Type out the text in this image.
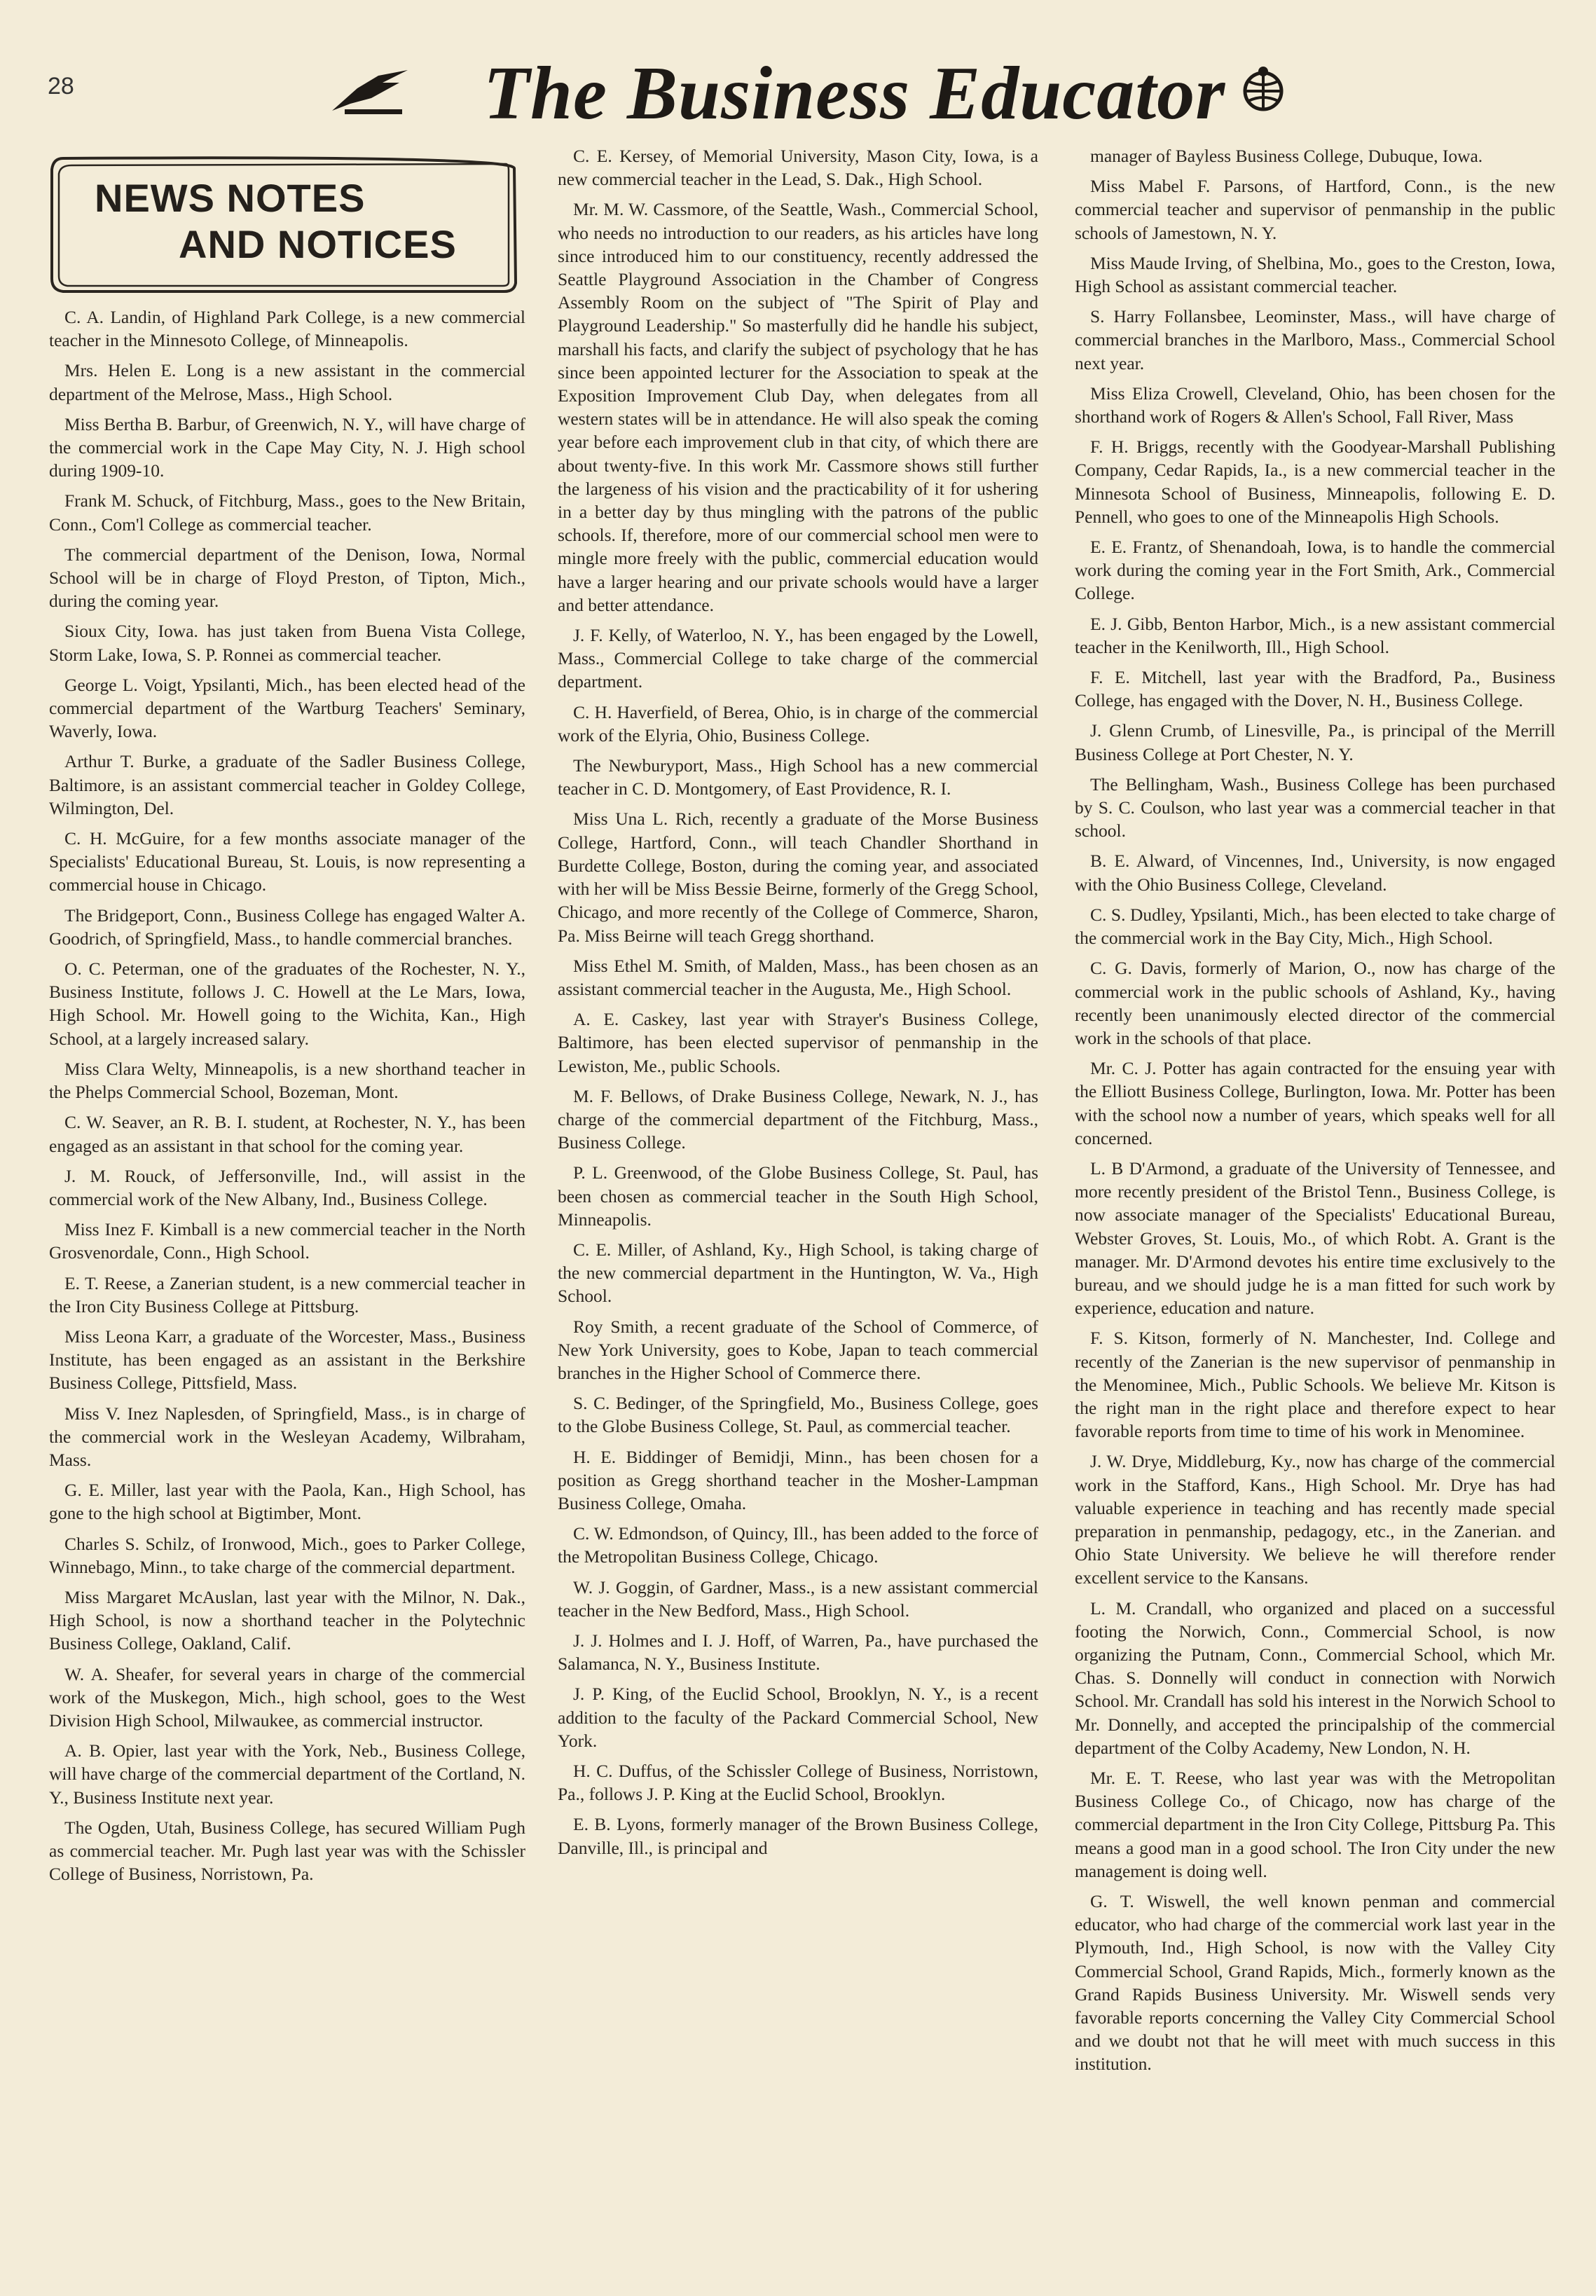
28	The Business Educator
NEWS NOTES
AND NOTICES

C. A. Landin, of Highland Park College, is a new commercial teacher in the Minnesoto College, of Minneapolis.

Mrs. Helen E. Long is a new assistant in the commercial department of the Melrose, Mass., High School.

Miss Bertha B. Barbur, of Greenwich, N. Y., will have charge of the commercial work in the Cape May City, N. J. High school during 1909-10.

Frank M. Schuck, of Fitchburg, Mass., goes to the New Britain, Conn., Com'l College as commercial teacher.

The commercial department of the Denison, Iowa, Normal School will be in charge of Floyd Preston, of Tipton, Mich., during the coming year.

Sioux City, Iowa. has just taken from Buena Vista College, Storm Lake, Iowa, S. P. Ronnei as commercial teacher.

George L. Voigt, Ypsilanti, Mich., has been elected head of the commercial department of the Wartburg Teachers' Seminary, Waverly, Iowa.

Arthur T. Burke, a graduate of the Sadler Business College, Baltimore, is an assistant commercial teacher in Goldey College, Wilmington, Del.

C. H. McGuire, for a few months associate manager of the Specialists' Educational Bureau, St. Louis, is now representing a commercial house in Chicago.

The Bridgeport, Conn., Business College has engaged Walter A. Goodrich, of Springfield, Mass., to handle commercial branches.

O. C. Peterman, one of the graduates of the Rochester, N. Y., Business Institute, follows J. C. Howell at the Le Mars, Iowa, High School. Mr. Howell going to the Wichita, Kan., High School, at a largely increased salary.

Miss Clara Welty, Minneapolis, is a new shorthand teacher in the Phelps Commercial School, Bozeman, Mont.

C. W. Seaver, an R. B. I. student, at Rochester, N. Y., has been engaged as an assistant in that school for the coming year.

J. M. Rouck, of Jeffersonville, Ind., will assist in the commercial work of the New Albany, Ind., Business College.

Miss Inez F. Kimball is a new commercial teacher in the North Grosvenordale, Conn., High School.

E. T. Reese, a Zanerian student, is a new commercial teacher in the Iron City Business College at Pittsburg.

Miss Leona Karr, a graduate of the Worcester, Mass., Business Institute, has been engaged as an assistant in the Berkshire Business College, Pittsfield, Mass.

Miss V. Inez Naplesden, of Springfield, Mass., is in charge of the commercial work in the Wesleyan Academy, Wilbraham, Mass.

G. E. Miller, last year with the Paola, Kan., High School, has gone to the high school at Bigtimber, Mont.

Charles S. Schilz, of Ironwood, Mich., goes to Parker College, Winnebago, Minn., to take charge of the commercial department.

Miss Margaret McAuslan, last year with the Milnor, N. Dak., High School, is now a shorthand teacher in the Polytechnic Business College, Oakland, Calif.

W. A. Sheafer, for several years in charge of the commercial work of the Muskegon, Mich., high school, goes to the West Division High School, Milwaukee, as commercial instructor.

A. B. Opier, last year with the York, Neb., Business College, will have charge of the commercial department of the Cortland, N. Y., Business Institute next year.

The Ogden, Utah, Business College, has secured William Pugh as commercial teacher. Mr. Pugh last year was with the Schissler College of Business, Norristown, Pa.

C. E. Kersey, of Memorial University, Mason City, Iowa, is a new commercial teacher in the Lead, S. Dak., High School.

Mr. M. W. Cassmore, of the Seattle, Wash., Commercial School, who needs no introduction to our readers, as his articles have long since introduced him to our constituency, recently addressed the Seattle Playground Association in the Chamber of Congress Assembly Room on the subject of "The Spirit of Play and Playground Leadership." So masterfully did he handle his subject, marshall his facts, and clarify the subject of psychology that he has since been appointed lecturer for the Association to speak at the Exposition Improvement Club Day, when delegates from all western states will be in attendance. He will also speak the coming year before each improvement club in that city, of which there are about twenty-five. In this work Mr. Cassmore shows still further the largeness of his vision and the practicability of it for ushering in a better day by thus mingling with the patrons of the public schools. If, therefore, more of our commercial school men were to mingle more freely with the public, commercial education would have a larger hearing and our private schools would have a larger and better attendance.

J. F. Kelly, of Waterloo, N. Y., has been engaged by the Lowell, Mass., Commercial College to take charge of the commercial department.

C. H. Haverfield, of Berea, Ohio, is in charge of the commercial work of the Elyria, Ohio, Business College.

The Newburyport, Mass., High School has a new commercial teacher in C. D. Montgomery, of East Providence, R. I.

Miss Una L. Rich, recently a graduate of the Morse Business College, Hartford, Conn., will teach Chandler Shorthand in Burdette College, Boston, during the coming year, and associated with her will be Miss Bessie Beirne, formerly of the Gregg School, Chicago, and more recently of the College of Commerce, Sharon, Pa. Miss Beirne will teach Gregg shorthand.

Miss Ethel M. Smith, of Malden, Mass., has been chosen as an assistant commercial teacher in the Augusta, Me., High School.

A. E. Caskey, last year with Strayer's Business College, Baltimore, has been elected supervisor of penmanship in the Lewiston, Me., public Schools.

M. F. Bellows, of Drake Business College, Newark, N. J., has charge of the commercial department of the Fitchburg, Mass., Business College.

P. L. Greenwood, of the Globe Business College, St. Paul, has been chosen as commercial teacher in the South High School, Minneapolis.

C. E. Miller, of Ashland, Ky., High School, is taking charge of the new commercial department in the Huntington, W. Va., High School.

Roy Smith, a recent graduate of the School of Commerce, of New York University, goes to Kobe, Japan to teach commercial branches in the Higher School of Commerce there.

S. C. Bedinger, of the Springfield, Mo., Business College, goes to the Globe Business College, St. Paul, as commercial teacher.

H. E. Biddinger of Bemidji, Minn., has been chosen for a position as Gregg shorthand teacher in the Mosher-Lampman Business College, Omaha.

C. W. Edmondson, of Quincy, Ill., has been added to the force of the Metropolitan Business College, Chicago.

W. J. Goggin, of Gardner, Mass., is a new assistant commercial teacher in the New Bedford, Mass., High School.

J. J. Holmes and I. J. Hoff, of Warren, Pa., have purchased the Salamanca, N. Y., Business Institute.

J. P. King, of the Euclid School, Brooklyn, N. Y., is a recent addition to the faculty of the Packard Commercial School, New York.

H. C. Duffus, of the Schissler College of Business, Norristown, Pa., follows J. P. King at the Euclid School, Brooklyn.

E. B. Lyons, formerly manager of the Brown Business College, Danville, Ill., is principal and

manager of Bayless Business College, Dubuque, Iowa.

Miss Mabel F. Parsons, of Hartford, Conn., is the new commercial teacher and supervisor of penmanship in the public schools of Jamestown, N. Y.

Miss Maude Irving, of Shelbina, Mo., goes to the Creston, Iowa, High School as assistant commercial teacher.

S. Harry Follansbee, Leominster, Mass., will have charge of commercial branches in the Marlboro, Mass., Commercial School next year.

Miss Eliza Crowell, Cleveland, Ohio, has been chosen for the shorthand work of Rogers & Allen's School, Fall River, Mass

F. H. Briggs, recently with the Goodyear-Marshall Publishing Company, Cedar Rapids, Ia., is a new commercial teacher in the Minnesota School of Business, Minneapolis, following E. D. Pennell, who goes to one of the Minneapolis High Schools.

E. E. Frantz, of Shenandoah, Iowa, is to handle the commercial work during the coming year in the Fort Smith, Ark., Commercial College.

E. J. Gibb, Benton Harbor, Mich., is a new assistant commercial teacher in the Kenilworth, Ill., High School.

F. E. Mitchell, last year with the Bradford, Pa., Business College, has engaged with the Dover, N. H., Business College.

J. Glenn Crumb, of Linesville, Pa., is principal of the Merrill Business College at Port Chester, N. Y.

The Bellingham, Wash., Business College has been purchased by S. C. Coulson, who last year was a commercial teacher in that school.

B. E. Alward, of Vincennes, Ind., University, is now engaged with the Ohio Business College, Cleveland.

C. S. Dudley, Ypsilanti, Mich., has been elected to take charge of the commercial work in the Bay City, Mich., High School.

C. G. Davis, formerly of Marion, O., now has charge of the commercial work in the public schools of Ashland, Ky., having recently been unanimously elected director of the commercial work in the schools of that place.

Mr. C. J. Potter has again contracted for the ensuing year with the Elliott Business College, Burlington, Iowa. Mr. Potter has been with the school now a number of years, which speaks well for all concerned.

L. B D'Armond, a graduate of the University of Tennessee, and more recently president of the Bristol Tenn., Business College, is now associate manager of the Specialists' Educational Bureau, Webster Groves, St. Louis, Mo., of which Robt. A. Grant is the manager. Mr. D'Armond devotes his entire time exclusively to the bureau, and we should judge he is a man fitted for such work by experience, education and nature.

F. S. Kitson, formerly of N. Manchester, Ind. College and recently of the Zanerian is the new supervisor of penmanship in the Menominee, Mich., Public Schools. We believe Mr. Kitson is the right man in the right place and therefore expect to hear favorable reports from time to time of his work in Menominee.

J. W. Drye, Middleburg, Ky., now has charge of the commercial work in the Stafford, Kans., High School. Mr. Drye has had valuable experience in teaching and has recently made special preparation in penmanship, pedagogy, etc., in the Zanerian. and Ohio State University. We believe he will therefore render excellent service to the Kansans.

L. M. Crandall, who organized and placed on a successful footing the Norwich, Conn., Commercial School, is now organizing the Putnam, Conn., Commercial School, which Mr. Chas. S. Donnelly will conduct in connection with Norwich School. Mr. Crandall has sold his interest in the Norwich School to Mr. Donnelly, and accepted the principalship of the commercial department of the Colby Academy, New London, N. H.

Mr. E. T. Reese, who last year was with the Metropolitan Business College Co., of Chicago, now has charge of the commercial department in the Iron City College, Pittsburg Pa. This means a good man in a good school. The Iron City under the new management is doing well.

G. T. Wiswell, the well known penman and commercial educator, who had charge of the commercial work last year in the Plymouth, Ind., High School, is now with the Valley City Commercial School, Grand Rapids, Mich., formerly known as the Grand Rapids Business University. Mr. Wiswell sends very favorable reports concerning the Valley City Commercial School and we doubt not that he will meet with much success in this institution.
